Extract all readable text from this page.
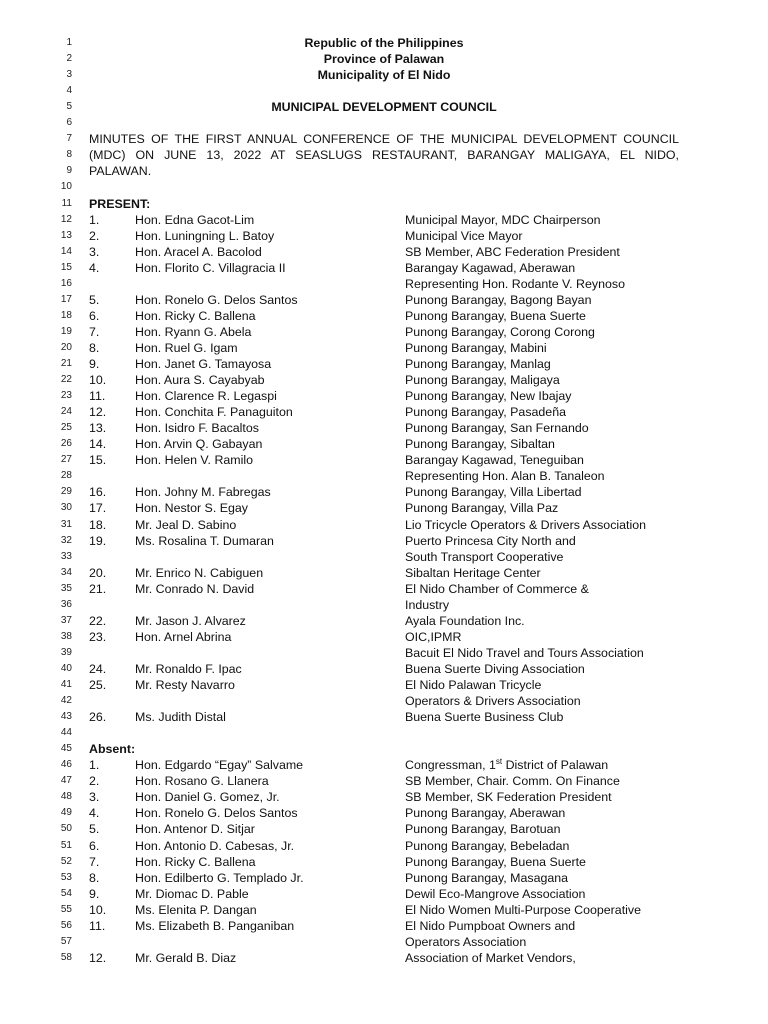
1	Republic of the Philippines
2	Province of Palawan
3	Municipality of El Nido
4
5	MUNICIPAL DEVELOPMENT COUNCIL
6
7 MINUTES OF THE FIRST ANNUAL CONFERENCE OF THE MUNICIPAL DEVELOPMENT COUNCIL
8 (MDC) ON JUNE 13, 2022 AT SEASLUGS RESTAURANT, BARANGAY MALIGAYA, EL NIDO,
9 PALAWAN.
10
11 PRESENT:
12 1.	Hon. Edna Gacot-Lim	Municipal Mayor, MDC Chairperson
13 2.	Hon. Luningning L. Batoy	Municipal Vice Mayor
14 3.	Hon. Aracel A. Bacolod	SB Member, ABC Federation President
15 4.	Hon. Florito C. Villagracia II	Barangay Kagawad, Aberawan
16	Representing Hon. Rodante V. Reynoso
17 5.	Hon. Ronelo G. Delos Santos	Punong Barangay, Bagong Bayan
18 6.	Hon. Ricky C. Ballena	Punong Barangay, Buena Suerte
19 7.	Hon. Ryann G. Abela	Punong Barangay, Corong Corong
20 8.	Hon. Ruel G. Igam	Punong Barangay, Mabini
21 9.	Hon. Janet G. Tamayosa	Punong Barangay, Manlag
22 10. Hon. Aura S. Cayabyab	Punong Barangay, Maligaya
23 11. Hon. Clarence R. Legaspi	Punong Barangay, New Ibajay
24 12. Hon. Conchita F. Panaguiton	Punong Barangay, Pasadeña
25 13. Hon. Isidro F. Bacaltos	Punong Barangay, San Fernando
26 14. Hon. Arvin Q. Gabayan	Punong Barangay, Sibaltan
27 15. Hon. Helen V. Ramilo	Barangay Kagawad, Teneguiban
28	Representing Hon. Alan B. Tanaleon
29 16. Hon. Johny M. Fabregas	Punong Barangay, Villa Libertad
30 17. Hon. Nestor S. Egay	Punong Barangay, Villa Paz
31 18. Mr. Jeal D. Sabino	Lio Tricycle Operators & Drivers Association
32 19. Ms. Rosalina T. Dumaran	Puerto Princesa City North and
33	South Transport Cooperative
34 20. Mr. Enrico N. Cabiguen	Sibaltan Heritage Center
35 21. Mr. Conrado N. David	El Nido Chamber of Commerce &
36	Industry
37 22. Mr. Jason J. Alvarez	Ayala Foundation Inc.
38 23. Hon. Arnel Abrina	OIC,IPMR
39	Bacuit El Nido Travel and Tours Association
40 24. Mr. Ronaldo F. Ipac	Buena Suerte Diving Association
41 25. Mr. Resty Navarro	El Nido Palawan Tricycle
42	Operators & Drivers Association
43 26. Ms. Judith Distal	Buena Suerte Business Club
44
45 Absent:
46 1.	Hon. Edgardo “Egay” Salvame	Congressman, 1st District of Palawan
47 2.	Hon. Rosano G. Llanera	SB Member, Chair. Comm. On Finance
48 3.	Hon. Daniel G. Gomez, Jr.	SB Member, SK Federation President
49 4.	Hon. Ronelo G. Delos Santos	Punong Barangay, Aberawan
50 5.	Hon. Antenor D. Sitjar	Punong Barangay, Barotuan
51 6.	Hon. Antonio D. Cabesas, Jr.	Punong Barangay, Bebeladan
52 7.	Hon. Ricky C. Ballena	Punong Barangay, Buena Suerte
53 8.	Hon. Edilberto G. Templado Jr.	Punong Barangay, Masagana
54 9.	Mr. Diomac D. Pable	Dewil Eco-Mangrove Association
55 10. Ms. Elenita P. Dangan	El Nido Women Multi-Purpose Cooperative
56 11. Ms. Elizabeth B. Panganiban	El Nido Pumpboat Owners and
57	Operators Association
58 12. Mr. Gerald B. Diaz	Association of Market Vendors,
